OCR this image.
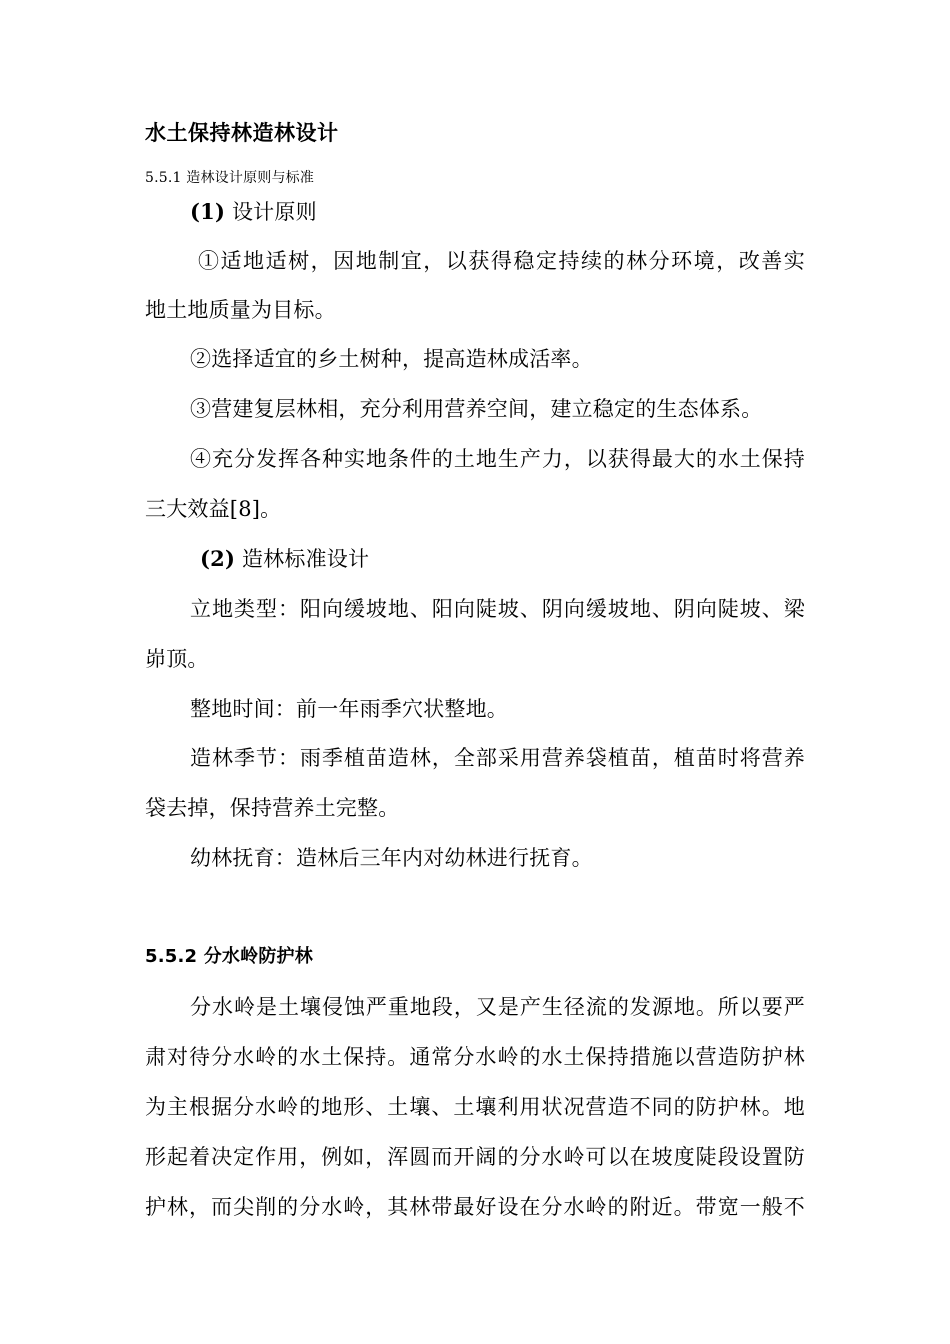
水土保持林造林设计
5.5.1 造林设计原则与标准
(1) 设计原则
①适地适树，因地制宜，以获得稳定持续的林分环境，改善实
地土地质量为目标。
②选择适宜的乡土树种，提高造林成活率。
③营建复层林相，充分利用营养空间，建立稳定的生态体系。
④充分发挥各种实地条件的土地生产力，以获得最大的水土保持
三大效益[8]。
(2) 造林标准设计
立地类型：阳向缓坡地、阳向陡坡、阴向缓坡地、阴向陡坡、梁
峁顶。
整地时间：前一年雨季穴状整地。
造林季节：雨季植苗造林，全部采用营养袋植苗，植苗时将营养
袋去掉，保持营养土完整。
幼林抚育：造林后三年内对幼林进行抚育。
5.5.2 分水岭防护林
分水岭是土壤侵蚀严重地段，又是产生径流的发源地。所以要严
肃对待分水岭的水土保持。通常分水岭的水土保持措施以营造防护林
为主根据分水岭的地形、土壤、土壤利用状况营造不同的防护林。地
形起着决定作用，例如，浑圆而开阔的分水岭可以在坡度陡段设置防
护林，而尖削的分水岭，其林带最好设在分水岭的附近。带宽一般不
